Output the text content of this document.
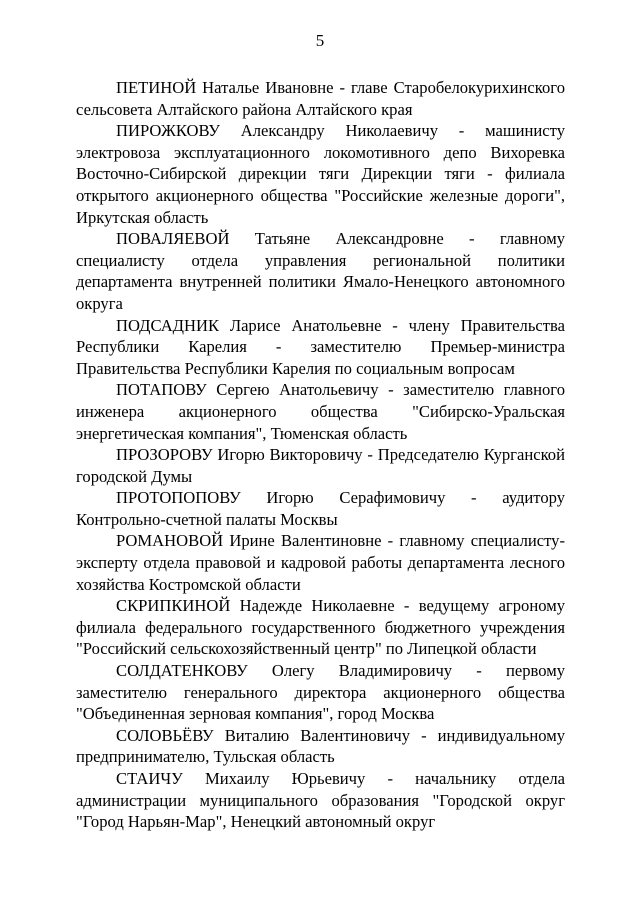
5

ПЕТИНОЙ Наталье Ивановне - главе Старобелокурихинского сельсовета Алтайского района Алтайского края

ПИРОЖКОВУ Александру Николаевичу - машинисту электровоза эксплуатационного локомотивного депо Вихоревка Восточно-Сибирской дирекции тяги Дирекции тяги - филиала открытого акционерного общества "Российские железные дороги", Иркутская область

ПОВАЛЯЕВОЙ Татьяне Александровне - главному специалисту отдела управления региональной политики департамента внутренней политики Ямало-Ненецкого автономного округа

ПОДСАДНИК Ларисе Анатольевне - члену Правительства Республики Карелия - заместителю Премьер-министра Правительства Республики Карелия по социальным вопросам

ПОТАПОВУ Сергею Анатольевичу - заместителю главного инженера акционерного общества "Сибирско-Уральская энергетическая компания", Тюменская область

ПРОЗОРОВУ Игорю Викторовичу - Председателю Курганской городской Думы

ПРОТОПОПОВУ Игорю Серафимовичу - аудитору Контрольно-счетной палаты Москвы

РОМАНОВОЙ Ирине Валентиновне - главному специалисту-эксперту отдела правовой и кадровой работы департамента лесного хозяйства Костромской области

СКРИПКИНОЙ Надежде Николаевне - ведущему агроному филиала федерального государственного бюджетного учреждения "Российский сельскохозяйственный центр" по Липецкой области

СОЛДАТЕНКОВУ Олегу Владимировичу - первому заместителю генерального директора акционерного общества "Объединенная зерновая компания", город Москва

СОЛОВЬЁВУ Виталию Валентиновичу - индивидуальному предпринимателю, Тульская область

СТАИЧУ Михаилу Юрьевичу - начальнику отдела администрации муниципального образования "Городской округ "Город Нарьян-Мар", Ненецкий автономный округ
